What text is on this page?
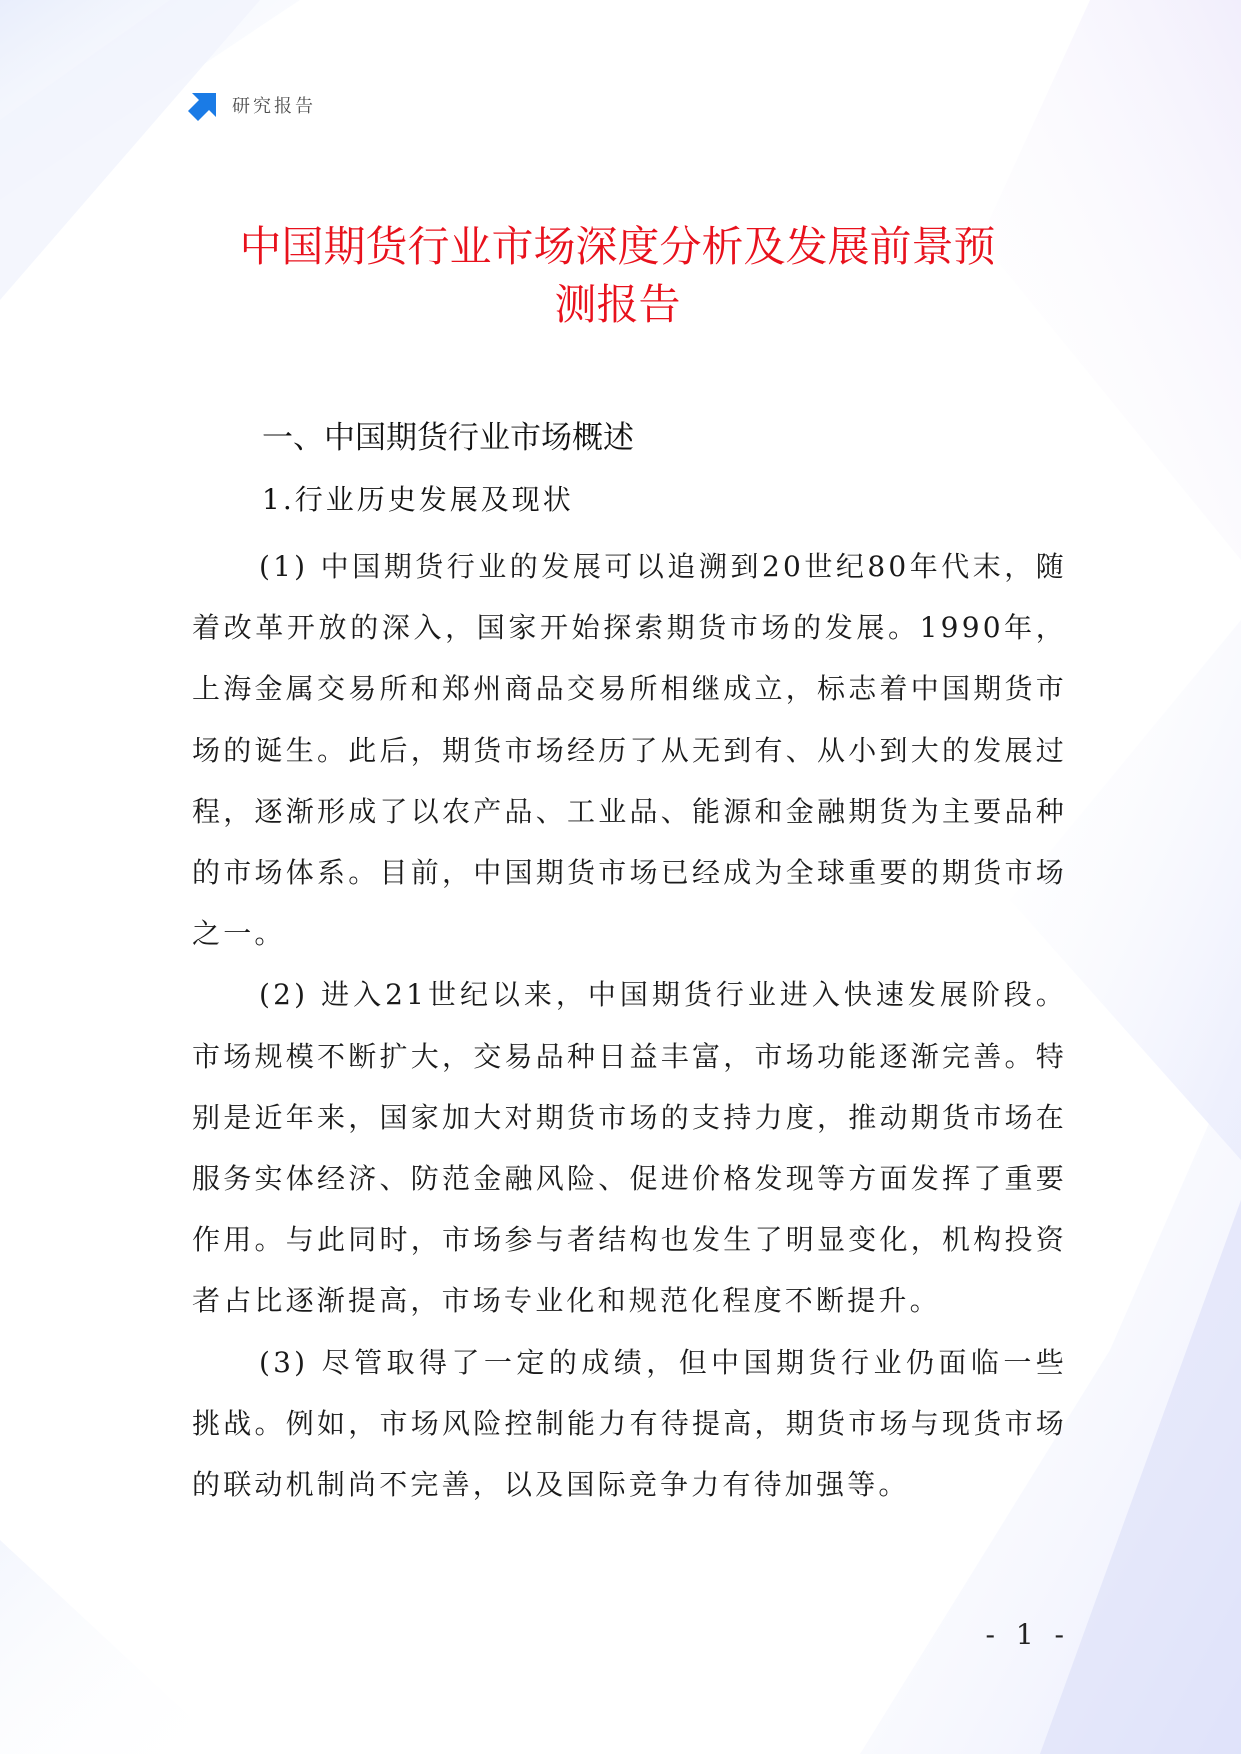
研究报告
中国期货行业市场深度分析及发展前景预
测报告
一、中国期货行业市场概述
1.行业历史发展及现状

(1) 中国期货行业的发展可以追溯到20世纪80年代末，随着改革开放的深入，国家开始探索期货市场的发展。1990年，上海金属交易所和郑州商品交易所相继成立，标志着中国期货市场的诞生。此后，期货市场经历了从无到有、从小到大的发展过程，逐渐形成了以农产品、工业品、能源和金融期货为主要品种的市场体系。目前，中国期货市场已经成为全球重要的期货市场之一。

(2) 进入21世纪以来，中国期货行业进入快速发展阶段。市场规模不断扩大，交易品种日益丰富，市场功能逐渐完善。特别是近年来，国家加大对期货市场的支持力度，推动期货市场在服务实体经济、防范金融风险、促进价格发现等方面发挥了重要作用。与此同时，市场参与者结构也发生了明显变化，机构投资者占比逐渐提高，市场专业化和规范化程度不断提升。

(3) 尽管取得了一定的成绩，但中国期货行业仍面临一些挑战。例如，市场风险控制能力有待提高，期货市场与现货市场的联动机制尚不完善，以及国际竞争力有待加强等。

- 1 -
